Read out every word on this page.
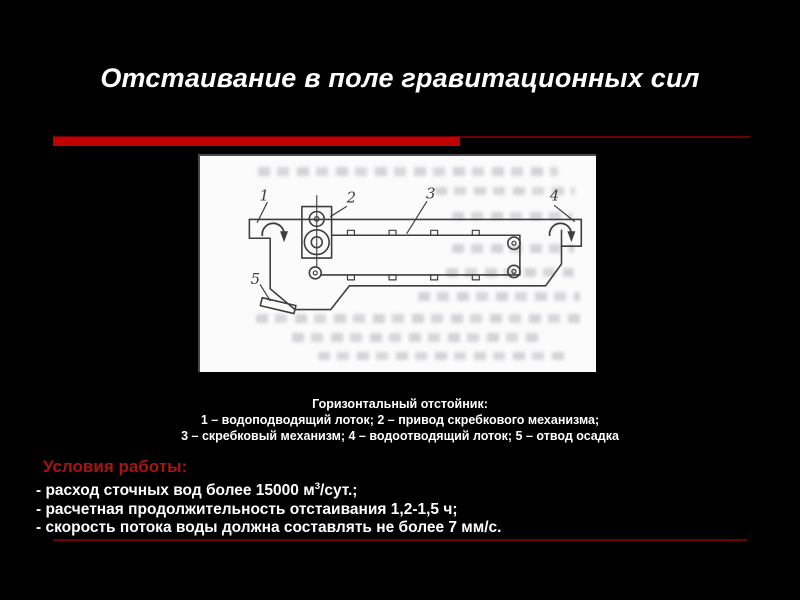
Отстаивание в поле гравитационных сил
1	2	3	4
5
Горизонтальный отстойник:
1 – водоподводящий лоток; 2 – привод скребкового механизма;
3 – скребковый механизм; 4 – водоотводящий лоток; 5 – отвод осадка
Условия работы:
- расход сточных вод более 15000 $м^3$/сут.;
- расчетная продолжительность отстаивания 1,2-1,5 ч;
- скорость потока воды должна составлять не более 7 мм/с.
